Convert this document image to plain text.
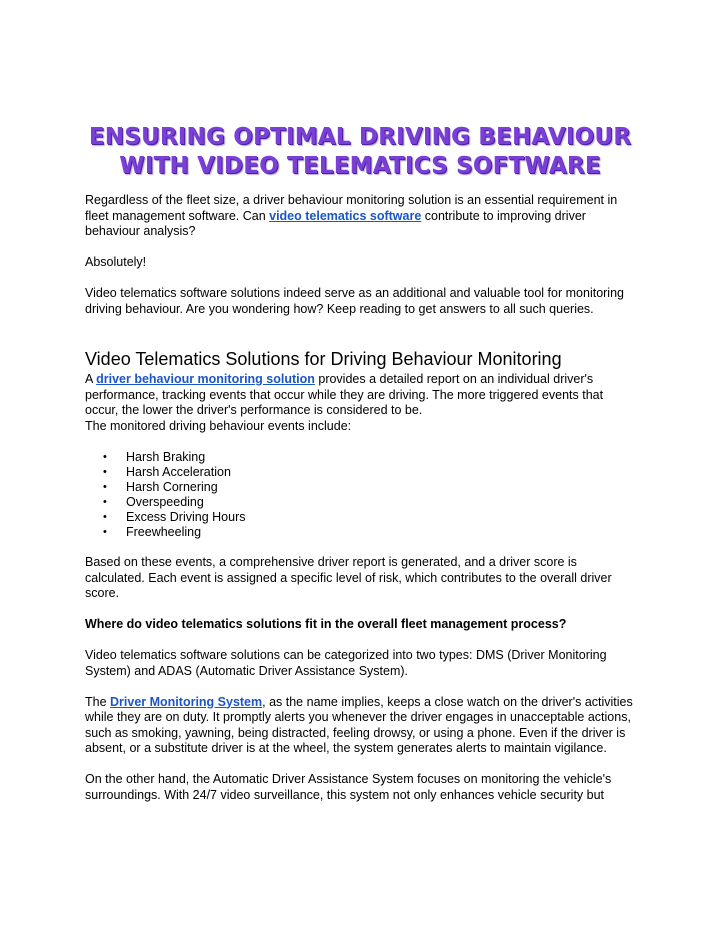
ENSURING OPTIMAL DRIVING BEHAVIOUR
WITH VIDEO TELEMATICS SOFTWARE

Regardless of the fleet size, a driver behaviour monitoring solution is an essential requirement in fleet management software. Can video telematics software contribute to improving driver behaviour analysis?

Absolutely!

Video telematics software solutions indeed serve as an additional and valuable tool for monitoring driving behaviour. Are you wondering how? Keep reading to get answers to all such queries.

Video Telematics Solutions for Driving Behaviour Monitoring

A driver behaviour monitoring solution provides a detailed report on an individual driver's performance, tracking events that occur while they are driving. The more triggered events that occur, the lower the driver's performance is considered to be.

The monitored driving behaviour events include:

• Harsh Braking
• Harsh Acceleration
• Harsh Cornering
• Overspeeding
• Excess Driving Hours
• Freewheeling

Based on these events, a comprehensive driver report is generated, and a driver score is calculated. Each event is assigned a specific level of risk, which contributes to the overall driver score.

Where do video telematics solutions fit in the overall fleet management process?

Video telematics software solutions can be categorized into two types: DMS (Driver Monitoring System) and ADAS (Automatic Driver Assistance System).

The Driver Monitoring System, as the name implies, keeps a close watch on the driver's activities while they are on duty. It promptly alerts you whenever the driver engages in unacceptable actions, such as smoking, yawning, being distracted, feeling drowsy, or using a phone. Even if the driver is absent, or a substitute driver is at the wheel, the system generates alerts to maintain vigilance.

On the other hand, the Automatic Driver Assistance System focuses on monitoring the vehicle's surroundings. With 24/7 video surveillance, this system not only enhances vehicle security but
